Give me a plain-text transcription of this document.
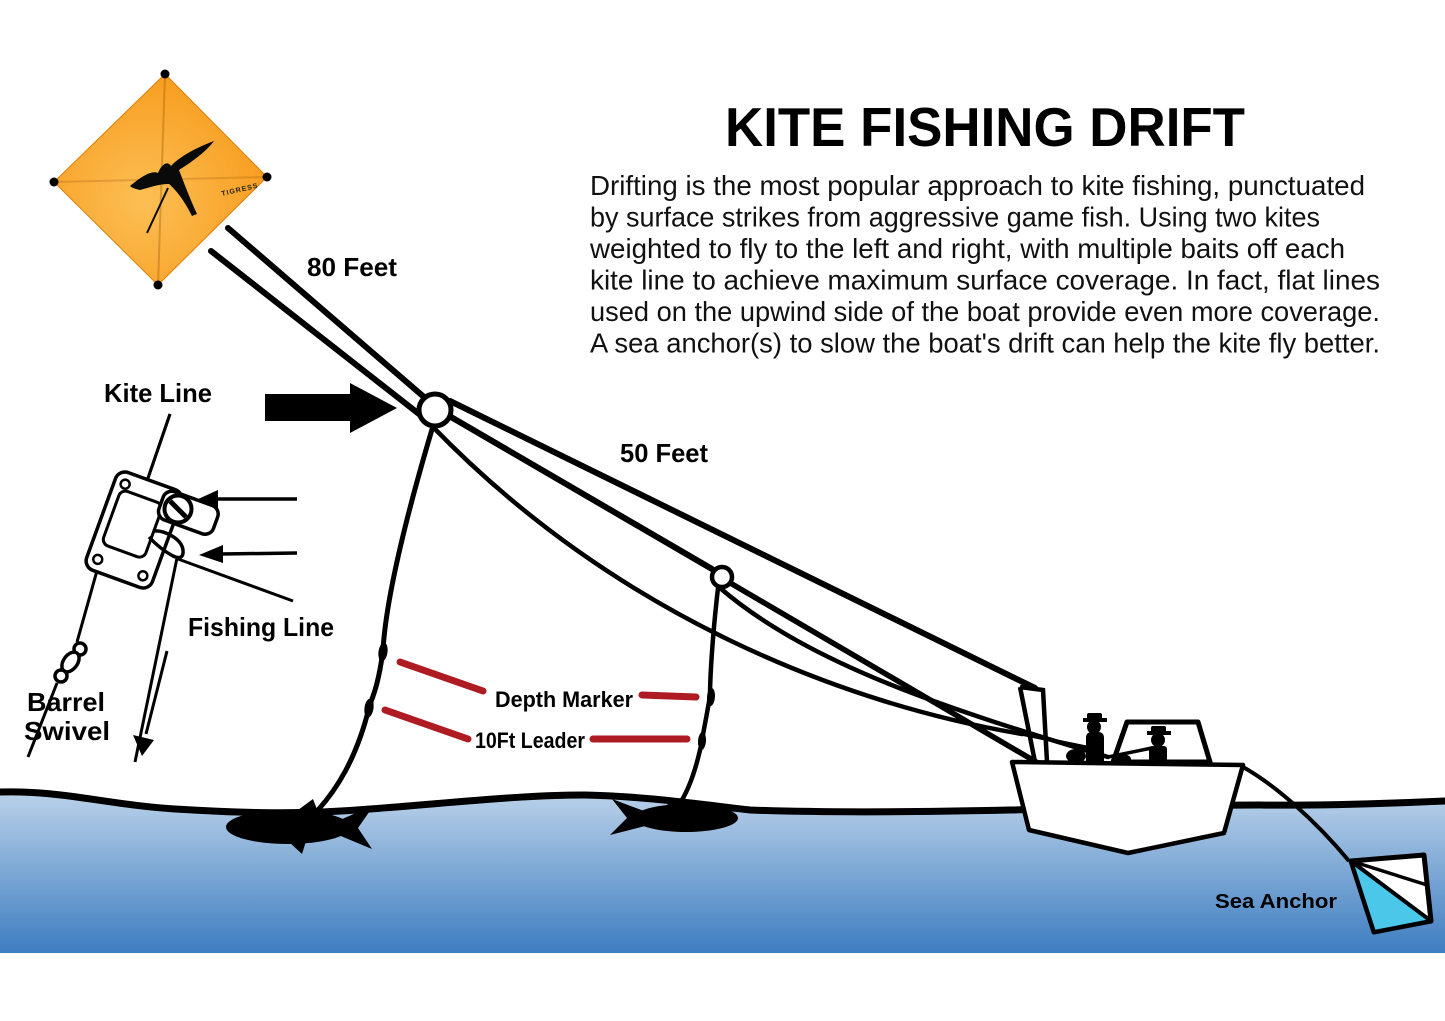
TIGRESS
KITE FISHING DRIFT
Drifting is the most popular approach to kite fishing, punctuated
by surface strikes from aggressive game fish. Using two kites
weighted to fly to the left and right, with multiple baits off each
kite line to achieve maximum surface coverage. In fact, flat lines
used on the upwind side of the boat provide even more coverage.
A sea anchor(s) to slow the boat's drift can help the kite fly better.
80 Feet
50 Feet
Kite Line
Fishing Line
Barrel
Swivel
Depth Marker
10Ft Leader
Sea Anchor
